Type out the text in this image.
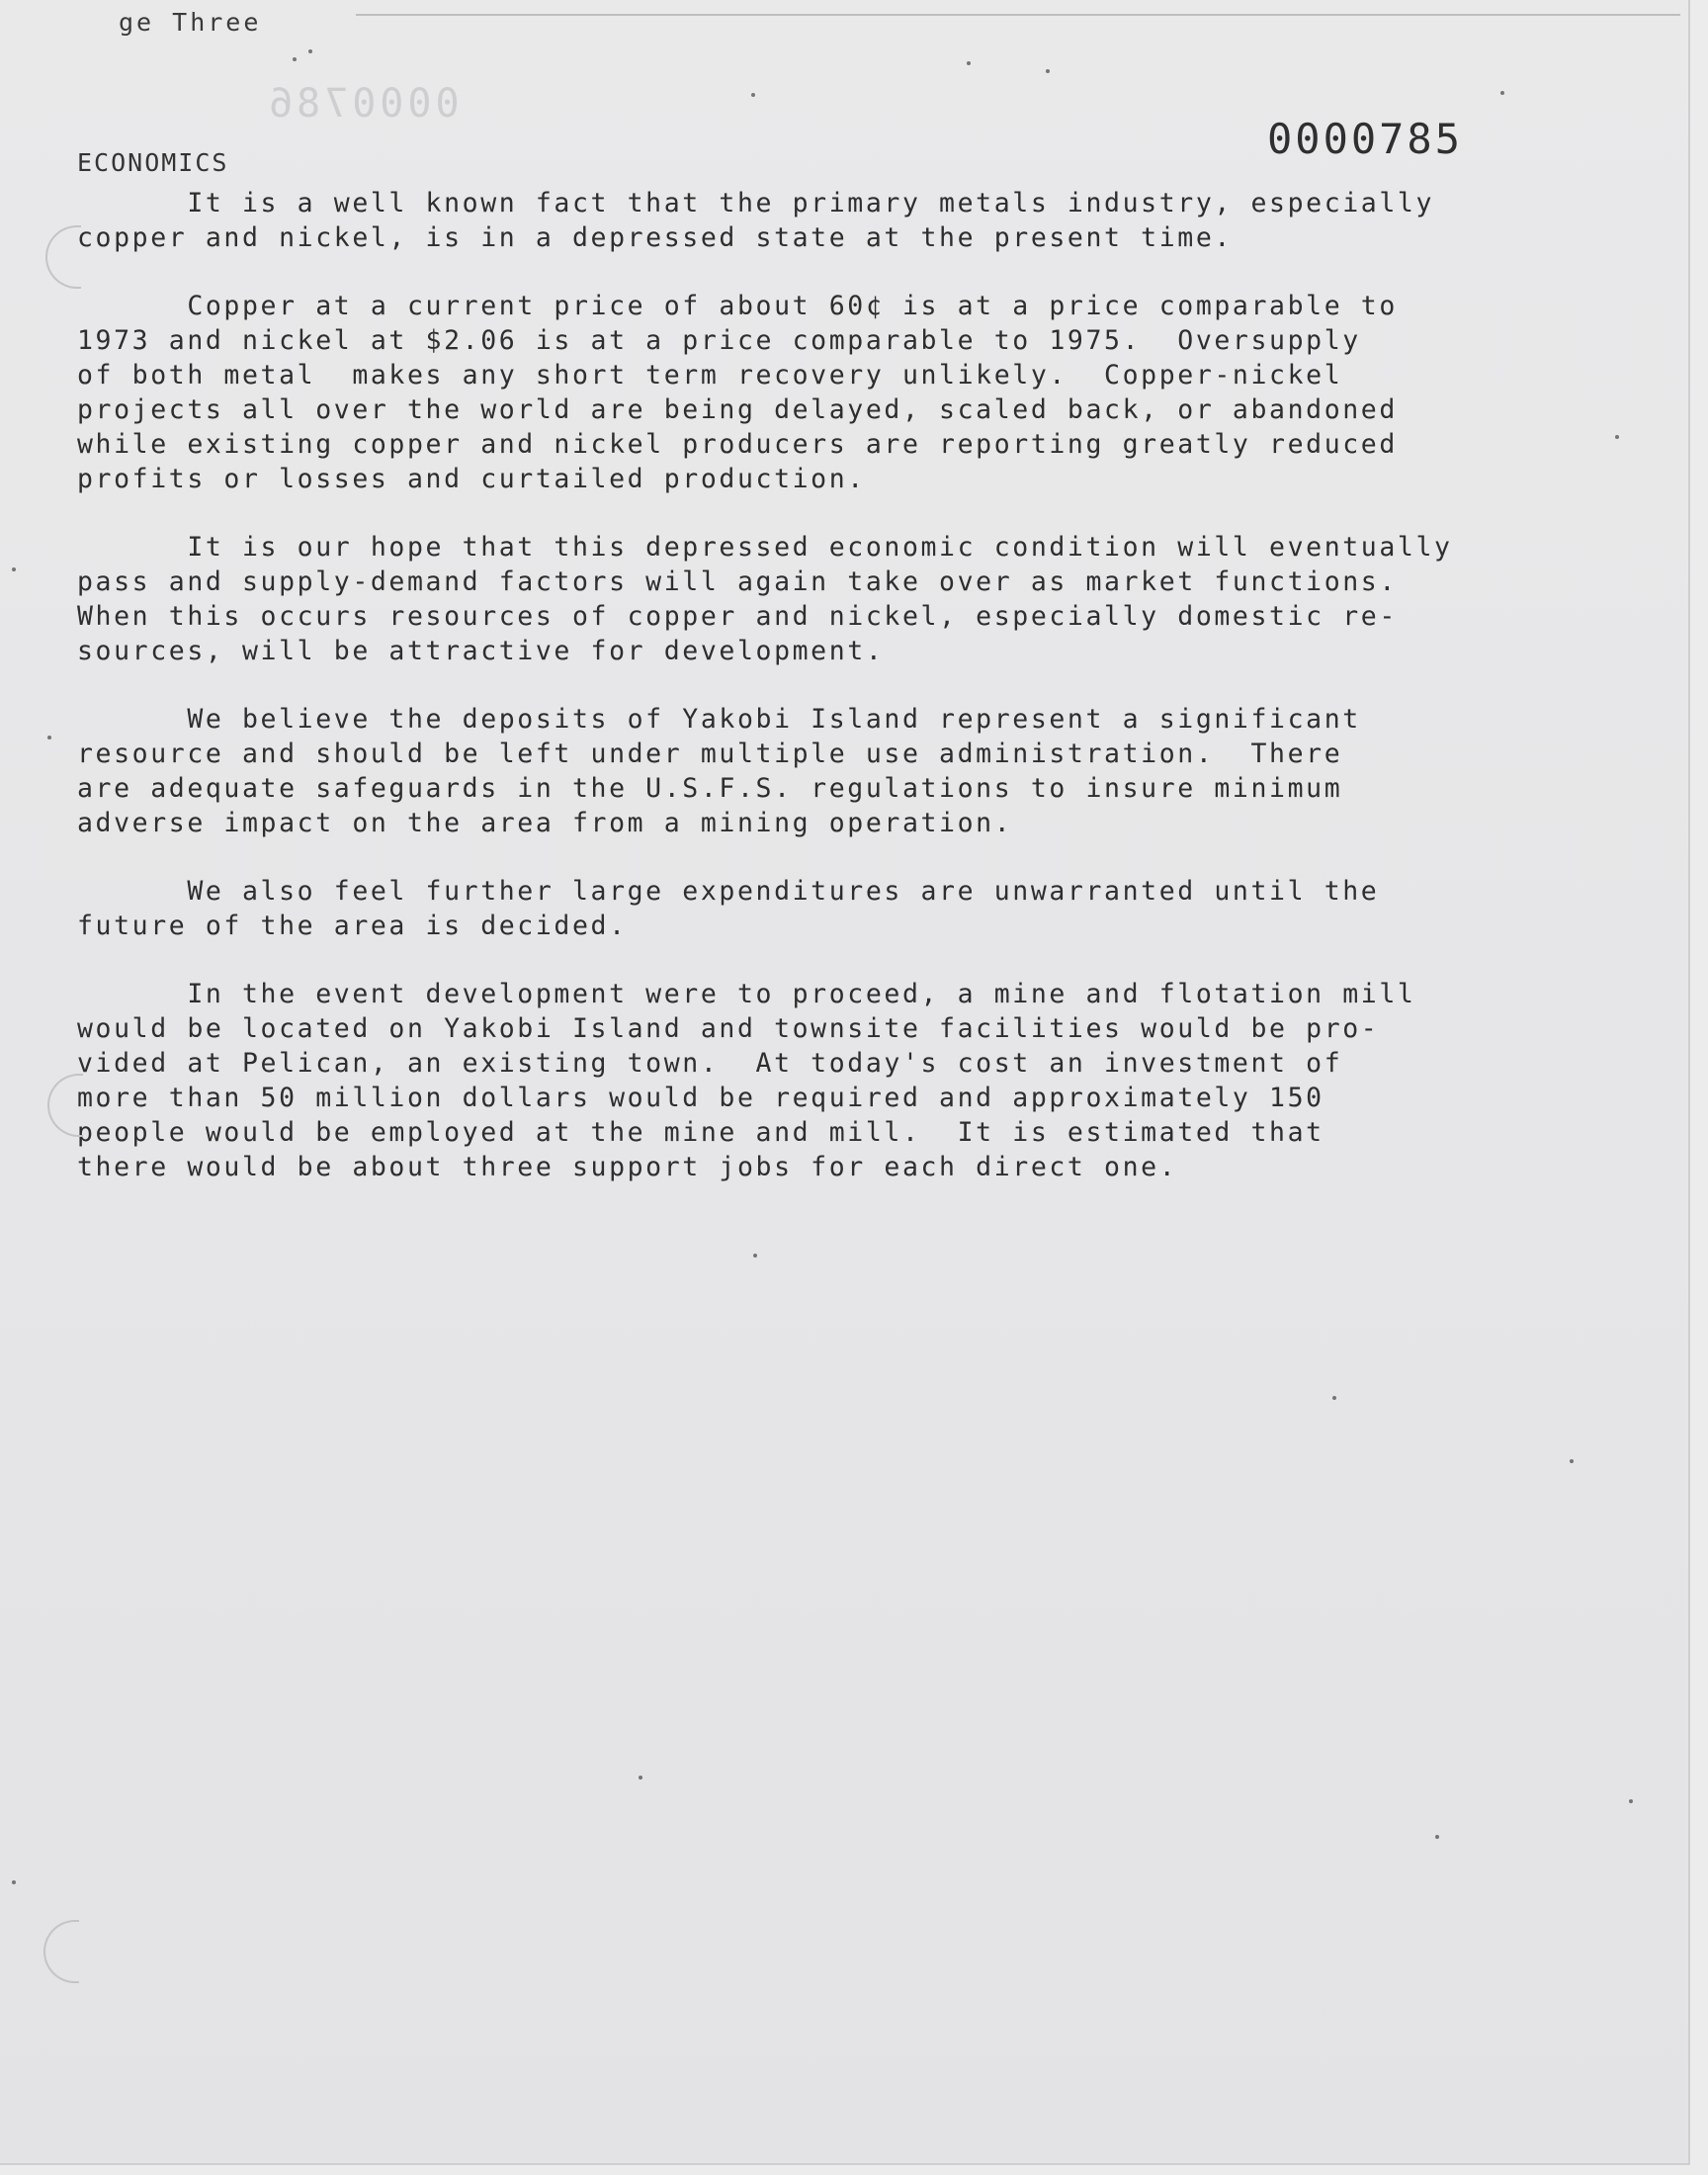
ge Three
0000786
0000785
ECONOMICS

It is a well known fact that the primary metals industry, especially
copper and nickel, is in a depressed state at the present time.

Copper at a current price of about 60¢ is at a price comparable to
1973 and nickel at $2.06 is at a price comparable to 1975.  Oversupply
of both metal  makes any short term recovery unlikely.  Copper-nickel
projects all over the world are being delayed, scaled back, or abandoned
while existing copper and nickel producers are reporting greatly reduced
profits or losses and curtailed production.

It is our hope that this depressed economic condition will eventually
pass and supply-demand factors will again take over as market functions.
When this occurs resources of copper and nickel, especially domestic re-
sources, will be attractive for development.

We believe the deposits of Yakobi Island represent a significant
resource and should be left under multiple use administration.  There
are adequate safeguards in the U.S.F.S. regulations to insure minimum
adverse impact on the area from a mining operation.

We also feel further large expenditures are unwarranted until the
future of the area is decided.

In the event development were to proceed, a mine and flotation mill
would be located on Yakobi Island and townsite facilities would be pro-
vided at Pelican, an existing town.  At today's cost an investment of
more than 50 million dollars would be required and approximately 150
people would be employed at the mine and mill.  It is estimated that
there would be about three support jobs for each direct one.
